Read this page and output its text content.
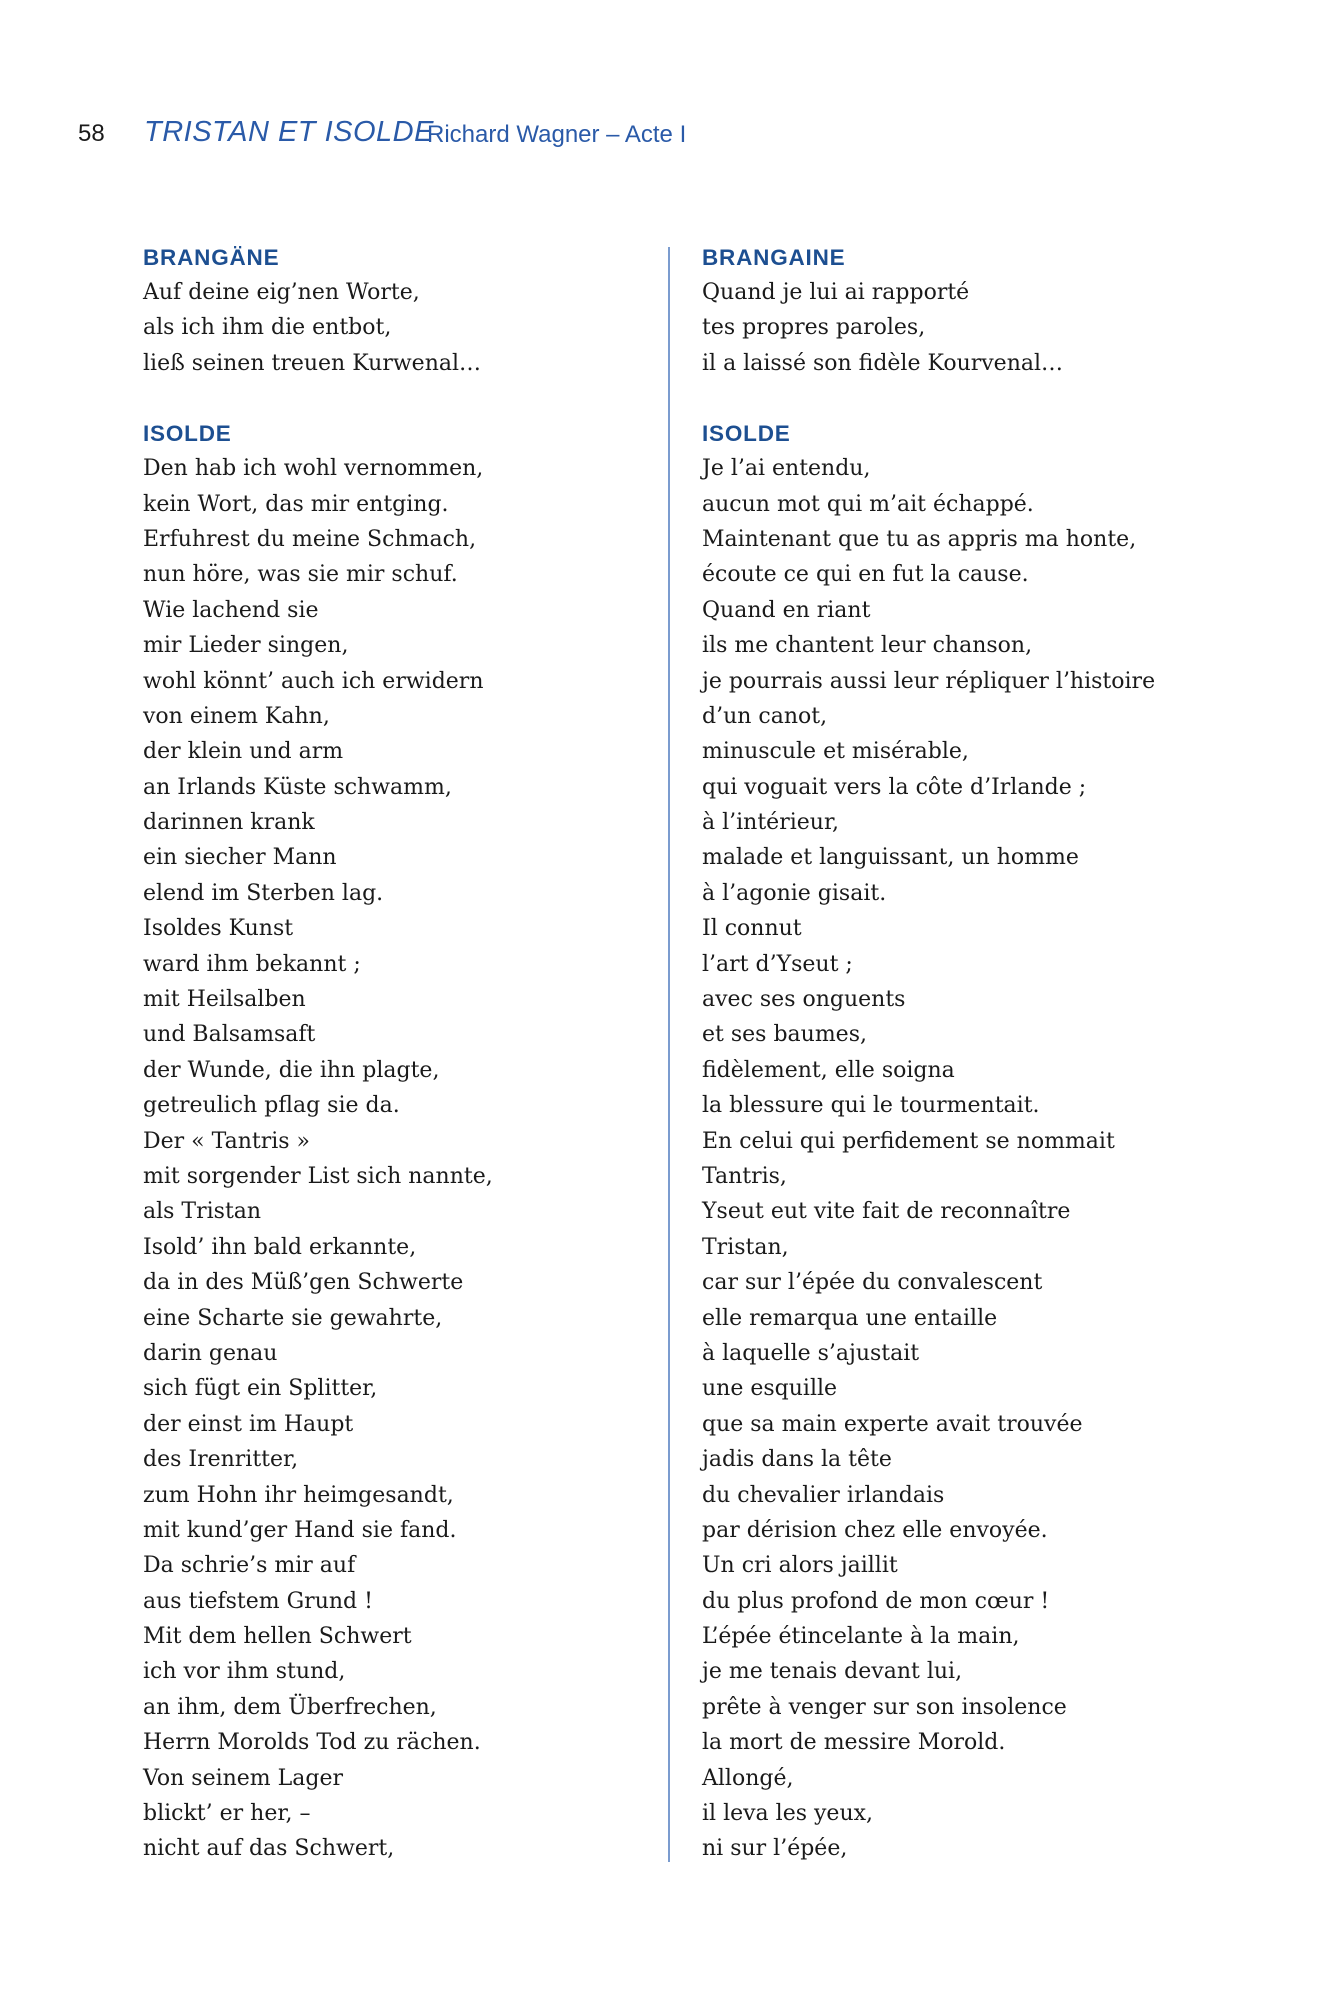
58 TRISTAN ET ISOLDE
Richard Wagner – Acte I
BRANGÄNE
Auf deine eig’nen Worte,
als ich ihm die entbot,
ließ seinen treuen Kurwenal…
ISOLDE
Den hab ich wohl vernommen,
kein Wort, das mir entging.
Erfuhrest du meine Schmach,
nun höre, was sie mir schuf.
Wie lachend sie
mir Lieder singen,
wohl könnt’ auch ich erwidern
von einem Kahn,
der klein und arm
an Irlands Küste schwamm,
darinnen krank
ein siecher Mann
elend im Sterben lag.
Isoldes Kunst
ward ihm bekannt ;
mit Heilsalben
und Balsamsaft
der Wunde, die ihn plagte,
getreulich pflag sie da.
Der « Tantris »
mit sorgender List sich nannte,
als Tristan
Isold’ ihn bald erkannte,
da in des Müß’gen Schwerte
eine Scharte sie gewahrte,
darin genau
sich fügt ein Splitter,
der einst im Haupt
des Irenritter,
zum Hohn ihr heimgesandt,
mit kund’ger Hand sie fand.
Da schrie’s mir auf
aus tiefstem Grund !
Mit dem hellen Schwert
ich vor ihm stund,
an ihm, dem Überfrechen,
Herrn Morolds Tod zu rächen.
Von seinem Lager
blickt’ er her, –
nicht auf das Schwert,
BRANGAINE
Quand je lui ai rapporté
tes propres paroles,
il a laissé son fidèle Kourvenal…
ISOLDE
Je l’ai entendu,
aucun mot qui m’ait échappé.
Maintenant que tu as appris ma honte,
écoute ce qui en fut la cause.
Quand en riant
ils me chantent leur chanson,
je pourrais aussi leur répliquer l’histoire
d’un canot,
minuscule et misérable,
qui voguait vers la côte d’Irlande ;
à l’intérieur,
malade et languissant, un homme
à l’agonie gisait.
Il connut
l’art d’Yseut ;
avec ses onguents
et ses baumes,
fidèlement, elle soigna
la blessure qui le tourmentait.
En celui qui perfidement se nommait
Tantris,
Yseut eut vite fait de reconnaître
Tristan,
car sur l’épée du convalescent
elle remarqua une entaille
à laquelle s’ajustait
une esquille
que sa main experte avait trouvée
jadis dans la tête
du chevalier irlandais
par dérision chez elle envoyée.
Un cri alors jaillit
du plus profond de mon cœur !
L’épée étincelante à la main,
je me tenais devant lui,
prête à venger sur son insolence
la mort de messire Morold.
Allongé,
il leva les yeux,
ni sur l’épée,
